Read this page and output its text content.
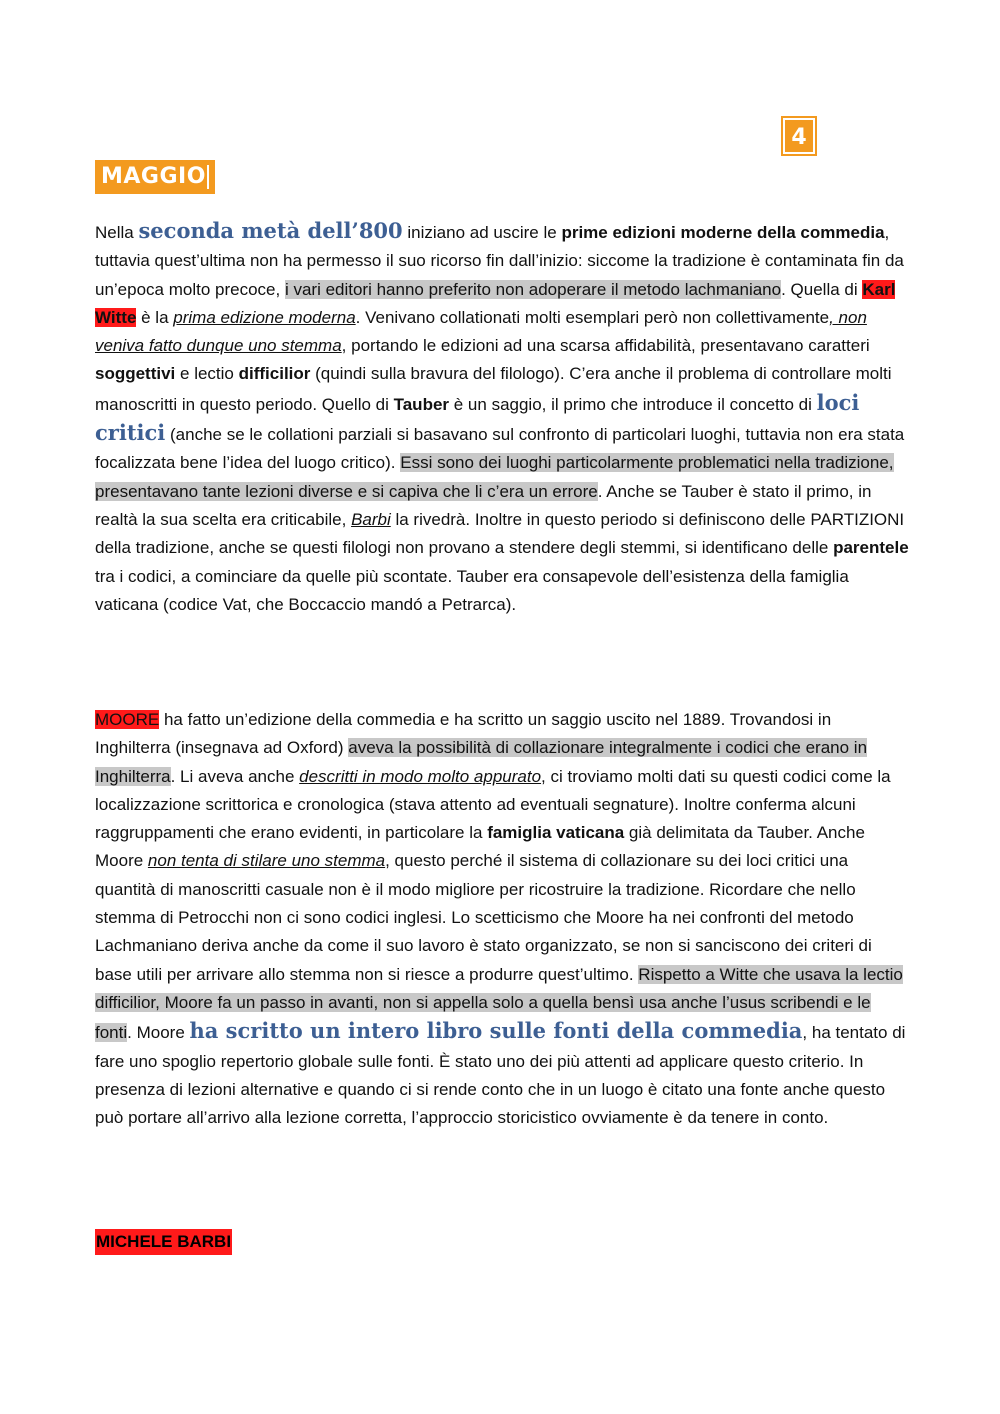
4
MAGGIO

Nella seconda metà dell’800 iniziano ad uscire le prime edizioni moderne della commedia, tuttavia quest’ultima non ha permesso il suo ricorso fin dall’inizio: siccome la tradizione è contaminata fin da un’epoca molto precoce, i vari editori hanno preferito non adoperare il metodo lachmaniano. Quella di Karl Witte è la prima edizione moderna. Venivano collationati molti esemplari però non collettivamente, non veniva fatto dunque uno stemma, portando le edizioni ad una scarsa affidabilità, presentavano caratteri soggettivi e lectio difficilior (quindi sulla bravura del filologo). C’era anche il problema di controllare molti manoscritti in questo periodo. Quello di Tauber è un saggio, il primo che introduce il concetto di loci critici (anche se le collationi parziali si basavano sul confronto di particolari luoghi, tuttavia non era stata focalizzata bene l’idea del luogo critico). Essi sono dei luoghi particolarmente problematici nella tradizione, presentavano tante lezioni diverse e si capiva che li c’era un errore. Anche se Tauber è stato il primo, in realtà la sua scelta era criticabile, Barbi la rivedrà. Inoltre in questo periodo si definiscono delle PARTIZIONI della tradizione, anche se questi filologi non provano a stendere degli stemmi, si identificano delle parentele tra i codici, a cominciare da quelle più scontate. Tauber era consapevole dell’esistenza della famiglia vaticana (codice Vat, che Boccaccio mandó a Petrarca).

MOORE ha fatto un’edizione della commedia e ha scritto un saggio uscito nel 1889. Trovandosi in Inghilterra (insegnava ad Oxford) aveva la possibilità di collazionare integralmente i codici che erano in Inghilterra. Li aveva anche descritti in modo molto appurato, ci troviamo molti dati su questi codici come la localizzazione scrittorica e cronologica (stava attento ad eventuali segnature). Inoltre conferma alcuni raggruppamenti che erano evidenti, in particolare la famiglia vaticana già delimitata da Tauber. Anche Moore non tenta di stilare uno stemma, questo perché il sistema di collazionare su dei loci critici una quantità di manoscritti casuale non è il modo migliore per ricostruire la tradizione. Ricordare che nello stemma di Petrocchi non ci sono codici inglesi. Lo scetticismo che Moore ha nei confronti del metodo Lachmaniano deriva anche da come il suo lavoro è stato organizzato, se non si sanciscono dei criteri di base utili per arrivare allo stemma non si riesce a produrre quest’ultimo. Rispetto a Witte che usava la lectio difficilior, Moore fa un passo in avanti, non si appella solo a quella bensì usa anche l’usus scribendi e le fonti. Moore ha scritto un intero libro sulle fonti della commedia, ha tentato di fare uno spoglio repertorio globale sulle fonti. È stato uno dei più attenti ad applicare questo criterio. In presenza di lezioni alternative e quando ci si rende conto che in un luogo è citato una fonte anche questo può portare all’arrivo alla lezione corretta, l’approccio storicistico ovviamente è da tenere in conto.

MICHELE BARBI
